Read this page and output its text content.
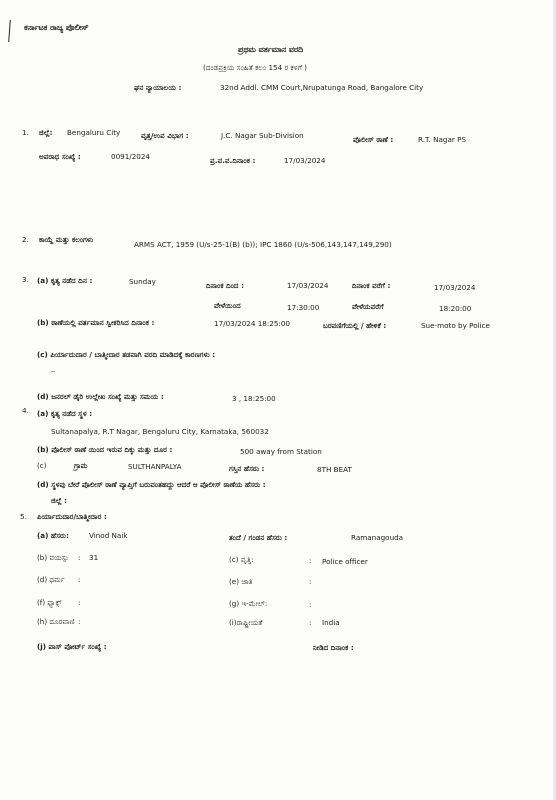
ಕರ್ನಾಟಕ ರಾಜ್ಯ ಪೊಲೀಸ್
ಪ್ರಥಮ ವರ್ತಮಾನ ವರದಿ
(ದಂಡಪ್ರಕ್ರಿಯ ಸಂಹಿತೆ ಕಲಂ 154 ರ ಕಳಗೆ )
ಘನ ನ್ಯಾಯಾಲಯ :	32nd Addl. CMM Court,Nrupatunga Road, Bangalore City
1. ಜಿಲ್ಲೆ: Bengaluru City	ವೃತ್ತ/ಉಪ ವಿಭಾಗ :	J.C. Nagar Sub-Division	ಪೊಲೀಸ್ ಠಾಣೆ :	R.T. Nagar PS
ಅಪರಾಧ ಸಂಖ್ಯೆ :	0091/2024	ಪ್ರ.ವ.ವ.ದಿನಾಂಕ :	17/03/2024
2. ಕಾಯ್ದೆ ಮತ್ತು ಕಲಂಗಳು
ARMS ACT, 1959 (U/s-25-1(B) (b)); IPC 1860 (U/s-506,143,147,149,290)
3. (a) ಕೃತ್ಯ ನಡೆದ ದಿನ :	Sunday	ದಿನಾಂಕ ದಿಂದ :	17/03/2024	ದಿನಾಂಕ ವರೆಗೆ :	17/03/2024
ವೇಳೆಯಿಂದ	17:30:00	ವೇಳೆಯವರೆಗೆ	18:20:00
(b) ಠಾಣೆಯಲ್ಲಿ ವರ್ತಮಾನ ಸ್ವೀಕರಿಸಿದ ದಿನಾಂಕ :	17/03/2024 18:25:00	ಬರವಣಿಗೆಯಲ್ಲಿ / ಹೇಳಿಕೆ :	Sue-moto by Police
(c) ಪಿರ್ಯಾದುದಾರ / ಬಾತ್ಮೀದಾರ ತಡವಾಗಿ ವರದಿ ಮಾಡಿದಕ್ಕೆ ಕಾರಣಗಳು :
--
(d) ಜನರಲ್ ಡೈರಿ ಉಲ್ಲೇಖ ಸಂಖ್ಯೆ ಮತ್ತು ಸಮಯ :	3 , 18:25:00
4. (a) ಕೃತ್ಯ ನಡೆದ ಸ್ಥಳ :
Sultanapalya, R.T Nagar, Bengaluru City, Karnataka, 560032
(b) ಪೊಲೀಸ್ ಠಾಣೆ ಯಿಂದ ಇರುವ ದಿಕ್ಕು ಮತ್ತು ದೂರ :	500 away from Station
(c)	ಗ್ರಾಮ	SULTHANPALYA	ಗಸ್ತಿನ ಹೆಸರು :	8TH BEAT
(d) ಸ್ಥಳವು ಬೇರೆ ಪೊಲೀಸ್ ಠಾಣೆ ವ್ಯಾಪ್ತಿಗೆ ಬರುವಂತಹದ್ದು ಆದರೆ ಆ ಪೊಲೀಸ್ ಠಾಣೆಯ ಹೆಸರು :
ಜಿಲ್ಲೆ :
5. ಪಿರ್ಯಾದುದಾರ/ಬಾತ್ಮೀದಾರ :
(a) ಹೆಸರು:	Vinod Naik	ತಂದೆ / ಗಂಡನ ಹೆಸರು :	Ramanagouda
(b) ವಯಸ್ಸು : 31	(c) ವೃತ್ತಿ:	: Police officer
(d) ಧರ್ಮ :	(e) ಜಾತಿ	:
(f) ಫ್ಯಾಕ್ಸ್ :	(g) ಇ-ಮೇಲ್:	:
(h) ದೂರವಾಣಿ :	(i)ರಾಷ್ಟ್ರೀಯತೆ	: India
(j) ಪಾಸ್ ಪೋರ್ಟ್ ಸಂಖ್ಯೆ :	ನೀಡಿದ ದಿನಾಂಕ :
